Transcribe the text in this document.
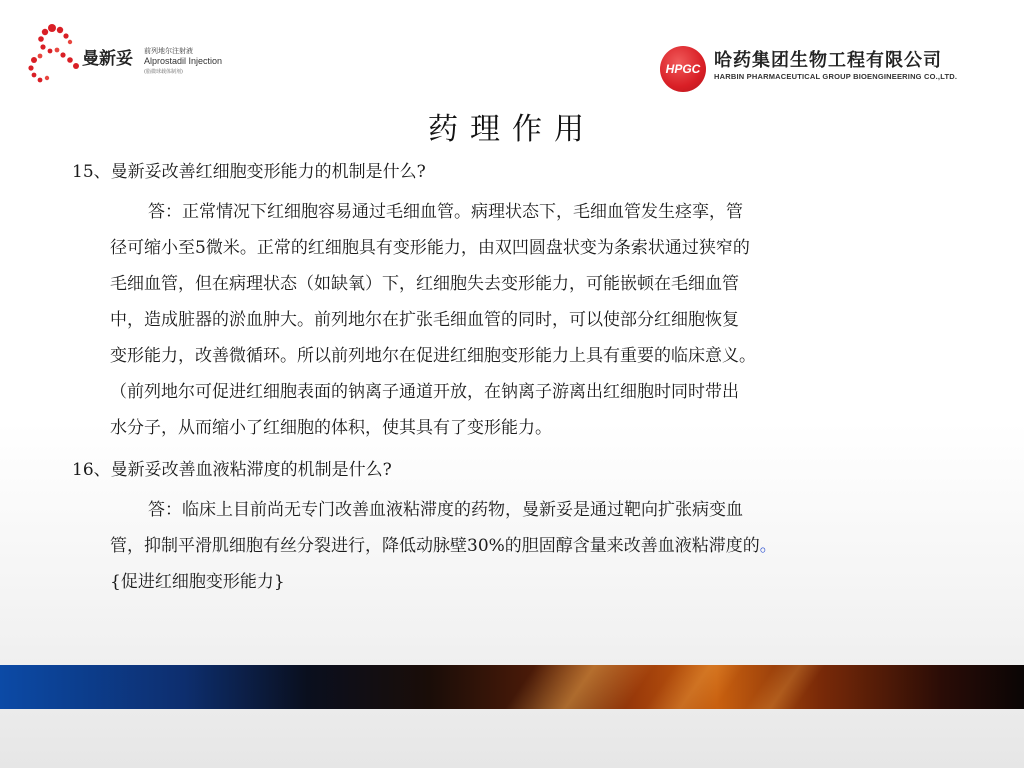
曼新妥 前列地尔注射液
Alprostadil Injection
(脂微球载体制剂)	HPGC 哈药集团生物工程有限公司
HARBIN PHARMACEUTICAL GROUP BIOENGINEERING CO.,LTD.
药理作用

15、曼新妥改善红细胞变形能力的机制是什么?

答：正常情况下红细胞容易通过毛细血管。病理状态下，毛细血管发生痉挛，管
径可缩小至5微米。正常的红细胞具有变形能力，由双凹圆盘状变为条索状通过狭窄的
毛细血管，但在病理状态（如缺氧）下，红细胞失去变形能力，可能嵌顿在毛细血管
中，造成脏器的淤血肿大。前列地尔在扩张毛细血管的同时，可以使部分红细胞恢复
变形能力，改善微循环。所以前列地尔在促进红细胞变形能力上具有重要的临床意义。
（前列地尔可促进红细胞表面的钠离子通道开放，在钠离子游离出红细胞时同时带出
水分子，从而缩小了红细胞的体积，使其具有了变形能力。

16、曼新妥改善血液粘滞度的机制是什么?

答：临床上目前尚无专门改善血液粘滞度的药物，曼新妥是通过靶向扩张病变血
管，抑制平滑肌细胞有丝分裂进行，降低动脉壁30%的胆固醇含量来改善血液粘滞度的。
{促进红细胞变形能力}
